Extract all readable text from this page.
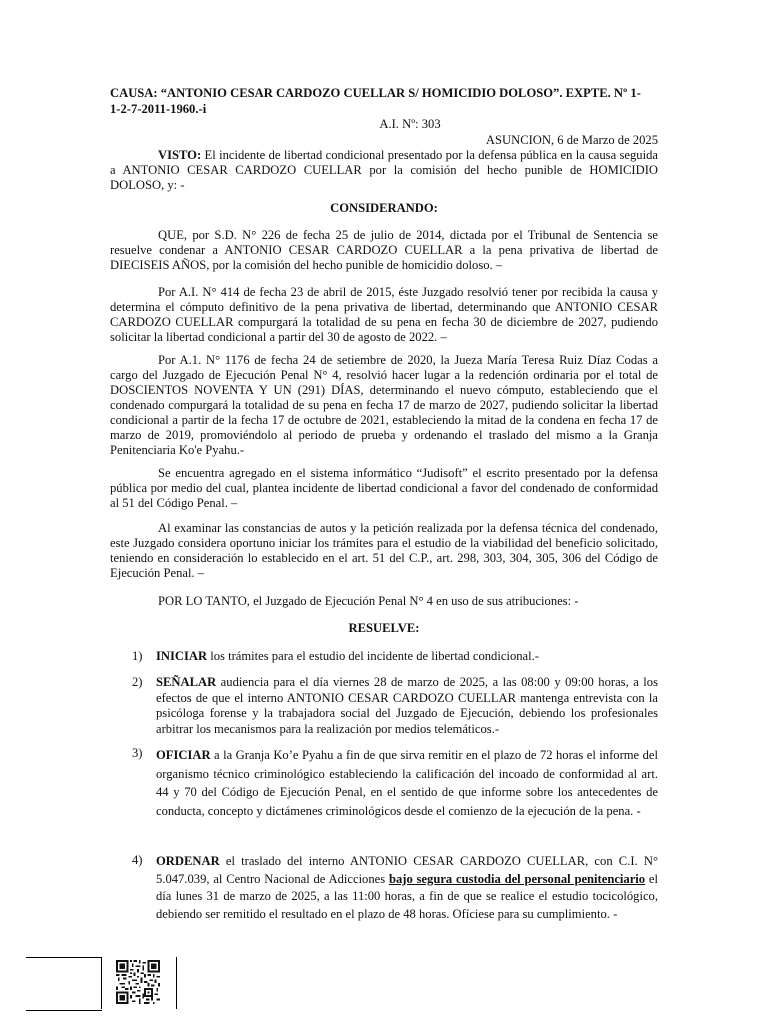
CAUSA: “ANTONIO CESAR CARDOZO CUELLAR S/ HOMICIDIO DOLOSO”. EXPTE. Nº 1-

1-2-7-2011-1960.-i

A.I. Nº: 303

ASUNCION, 6 de Marzo de 2025

VISTO: El incidente de libertad condicional presentado por la defensa pública en la causa seguida a ANTONIO CESAR CARDOZO CUELLAR por la comisión del hecho punible de HOMICIDIO DOLOSO, y: -

CONSIDERANDO:

QUE, por S.D. N° 226 de fecha 25 de julio de 2014, dictada por el Tribunal de Sentencia se resuelve condenar a ANTONIO CESAR CARDOZO CUELLAR a la pena privativa de libertad de DIECISEIS AÑOS, por la comisión del hecho punible de homicidio doloso. –

Por A.I. N° 414 de fecha 23 de abril de 2015, éste Juzgado resolvió tener por recibida la causa y determina el cómputo definitivo de la pena privativa de libertad, determinando que ANTONIO CESAR CARDOZO CUELLAR compurgará la totalidad de su pena en fecha 30 de diciembre de 2027, pudiendo solicitar la libertad condicional a partir del 30 de agosto de 2022. –

Por A.1. N° 1176 de fecha 24 de setiembre de 2020, la Jueza María Teresa Ruiz Díaz Codas a cargo del Juzgado de Ejecución Penal N° 4, resolvió hacer lugar a la redención ordinaria por el total de DOSCIENTOS NOVENTA Y UN (291) DÍAS, determinando el nuevo cómputo, estableciendo que el condenado compurgará la totalidad de su pena en fecha 17 de marzo de 2027, pudiendo solicitar la libertad condicional a partir de la fecha 17 de octubre de 2021, estableciendo la mitad de la condena en fecha 17 de marzo de 2019, promoviéndolo al periodo de prueba y ordenando el traslado del mismo a la Granja Penitenciaria Ko'e Pyahu.-

Se encuentra agregado en el sistema informático “Judisoft” el escrito presentado por la defensa pública por medio del cual, plantea incidente de libertad condicional a favor del condenado de conformidad al 51 del Código Penal. –

Al examinar las constancias de autos y la petición realizada por la defensa técnica del condenado, este Juzgado considera oportuno iniciar los trámites para el estudio de la viabilidad del beneficio solicitado, teniendo en consideración lo establecido en el art. 51 del C.P., art. 298, 303, 304, 305, 306 del Código de Ejecución Penal. –

POR LO TANTO, el Juzgado de Ejecución Penal N° 4 en uso de sus atribuciones: -

RESUELVE:

1)	INICIAR los trámites para el estudio del incidente de libertad condicional.-

2)	SEÑALAR audiencia para el día viernes 28 de marzo de 2025, a las 08:00 y 09:00 horas, a los efectos de que el interno ANTONIO CESAR CARDOZO CUELLAR mantenga entrevista con la psicóloga forense y la trabajadora social del Juzgado de Ejecución, debiendo los profesionales arbitrar los mecanismos para la realización por medios telemáticos.-

3)	OFICIAR a la Granja Ko’e Pyahu a fin de que sirva remitir en el plazo de 72 horas el informe del organismo técnico criminológico estableciendo la calificación del incoado de conformidad al art. 44 y 70 del Código de Ejecución Penal, en el sentido de que informe sobre los antecedentes de conducta, concepto y dictámenes criminológicos desde el comienzo de la ejecución de la pena. -

4)	ORDENAR el traslado del interno ANTONIO CESAR CARDOZO CUELLAR, con C.I. N° 5.047.039, al Centro Nacional de Adicciones bajo segura custodia del personal penitenciario el día lunes 31 de marzo de 2025, a las 11:00 horas, a fin de que se realice el estudio tocicológico, debiendo ser remitido el resultado en el plazo de 48 horas. Ofíciese para su cumplimiento. -
